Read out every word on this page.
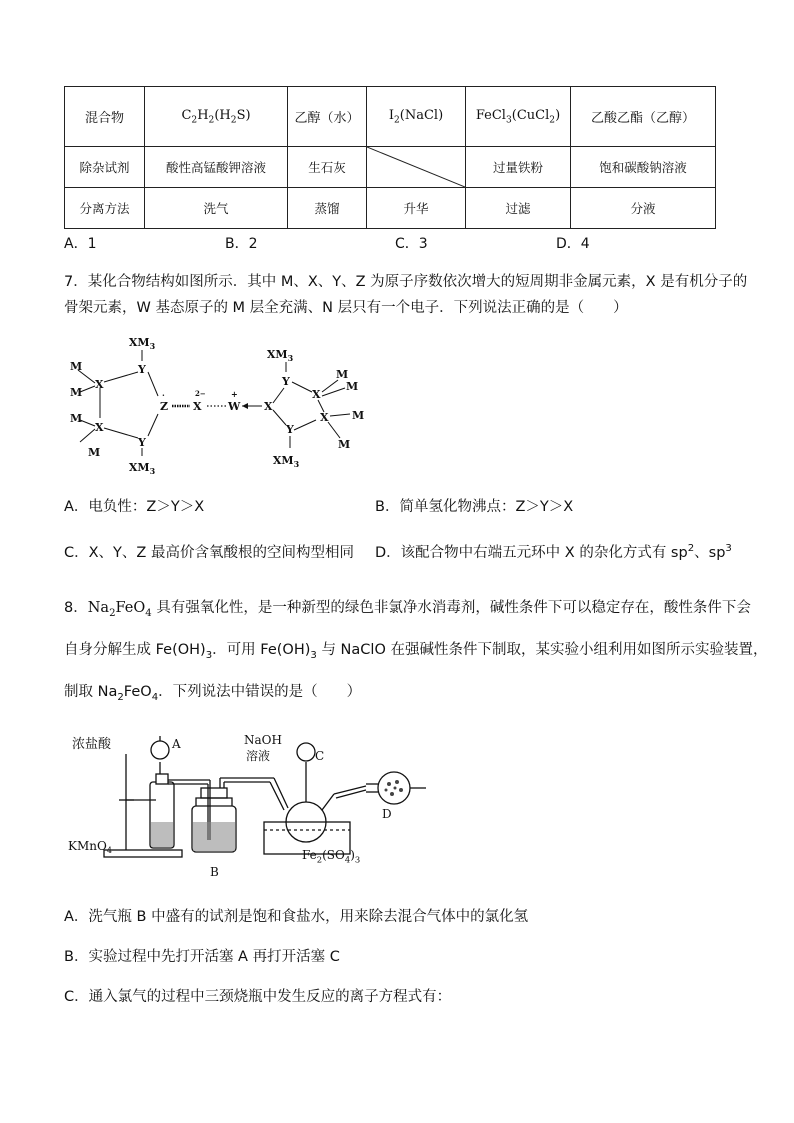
混合物	$C_2H_2(H_2S)$	乙醇（水）	$I_2(NaCl)$	FeCl$_3$(CuCl$_2$)	乙酸乙酯（乙醇）
除杂试剂	酸性高锰酸钾溶液	生石灰		过量铁粉	饱和碳酸钠溶液
分离方法	洗气	蒸馏	升华	过滤	分液
A．1	B．2	C．3	D．4
7．某化合物结构如图所示．其中 M、X、Y、Z 为原子序数依次增大的短周期非金属元素，X 是有机分子的
骨架元素，W 基态原子的 M 层全充满、N 层只有一个电子．下列说法正确的是（　　）
$XM_3$
Y
X
X
Y
Z
·
$XM_3$
M
M
M
M
X
2−
W
+
X
$XM_3$
Y
X
X
Y
$XM_3$
M
M
M
M
A．电负性：Z＞Y＞X	B．简单氢化物沸点：Z＞Y＞X
C．X、Y、Z 最高价含氧酸根的空间构型相同 D．该配合物中右端五元环中 X 的杂化方式有 $sp^2$、$sp^3$
8．$Na_2FeO_4$ 具有强氧化性，是一种新型的绿色非氯净水消毒剂，碱性条件下可以稳定存在，酸性条件下会
自身分解生成 $Fe(OH)_3$．可用 $Fe(OH)_3$ 与 NaClO 在强碱性条件下制取，某实验小组利用如图所示实验装置，
制取 $Na_2FeO_4$．下列说法中错误的是（　　）
浓盐酸	A
KMnO$_4$
B
NaOH
溶液	C
D
$Fe_2(SO_4)_3$
A．洗气瓶 B 中盛有的试剂是饱和食盐水，用来除去混合气体中的氯化氢
B．实验过程中先打开活塞 A 再打开活塞 C
C．通入氯气的过程中三颈烧瓶中发生反应的离子方程式有：
